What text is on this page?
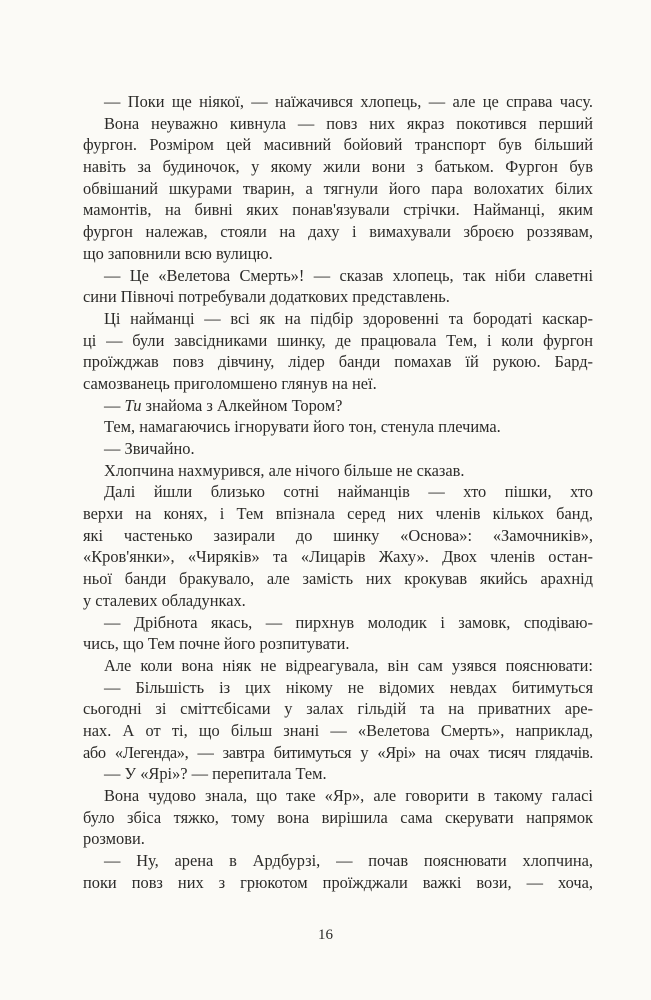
— Поки ще ніякої, — наїжачився хлопець, — але це справа часу.
Вона неуважно кивнула — повз них якраз покотився перший
фургон. Розміром цей масивний бойовий транспорт був більший
навіть за будиночок, у якому жили вони з батьком. Фургон був
обвішаний шкурами тварин, а тягнули його пара волохатих білих
мамонтів, на бивні яких понав'язували стрічки. Найманці, яким
фургон належав, стояли на даху і вимахували зброєю роззявам,
що заповнили всю вулицю.
— Це «Велетова Смерть»! — сказав хлопець, так ніби славетні
сини Півночі потребували додаткових представлень.
Ці найманці — всі як на підбір здоровенні та бородаті каскар-
ці — були завсідниками шинку, де працювала Тем, і коли фургон
проїжджав повз дівчину, лідер банди помахав їй рукою. Бард-
самозванець приголомшено глянув на неї.
— Ти знайома з Алкейном Тором?
Тем, намагаючись ігнорувати його тон, стенула плечима.
— Звичайно.
Хлопчина нахмурився, але нічого більше не сказав.
Далі йшли близько сотні найманців — хто пішки, хто
верхи на конях, і Тем впізнала серед них членів кількох банд,
які частенько зазирали до шинку «Основа»: «Замочників»,
«Кров'янки», «Чиряків» та «Лицарів Жаху». Двох членів остан-
ньої банди бракувало, але замість них крокував якийсь арахнід
у сталевих обладунках.
— Дрібнота якась, — пирхнув молодик і замовк, сподіваю-
чись, що Тем почне його розпитувати.
Але коли вона ніяк не відреагувала, він сам узявся пояснювати:
— Більшість із цих нікому не відомих невдах битимуться
сьогодні зі сміттєбісами у залах гільдій та на приватних аре-
нах. А от ті, що більш знані — «Велетова Смерть», наприклад,
або «Легенда», — завтра битимуться у «Ярі» на очах тисяч глядачів.
— У «Ярі»? — перепитала Тем.
Вона чудово знала, що таке «Яр», але говорити в такому галасі
було збіса тяжко, тому вона вирішила сама скерувати напрямок
розмови.
— Ну, арена в Ардбурзі, — почав пояснювати хлопчина,
поки повз них з грюкотом проїжджали важкі вози, — хоча,
16
